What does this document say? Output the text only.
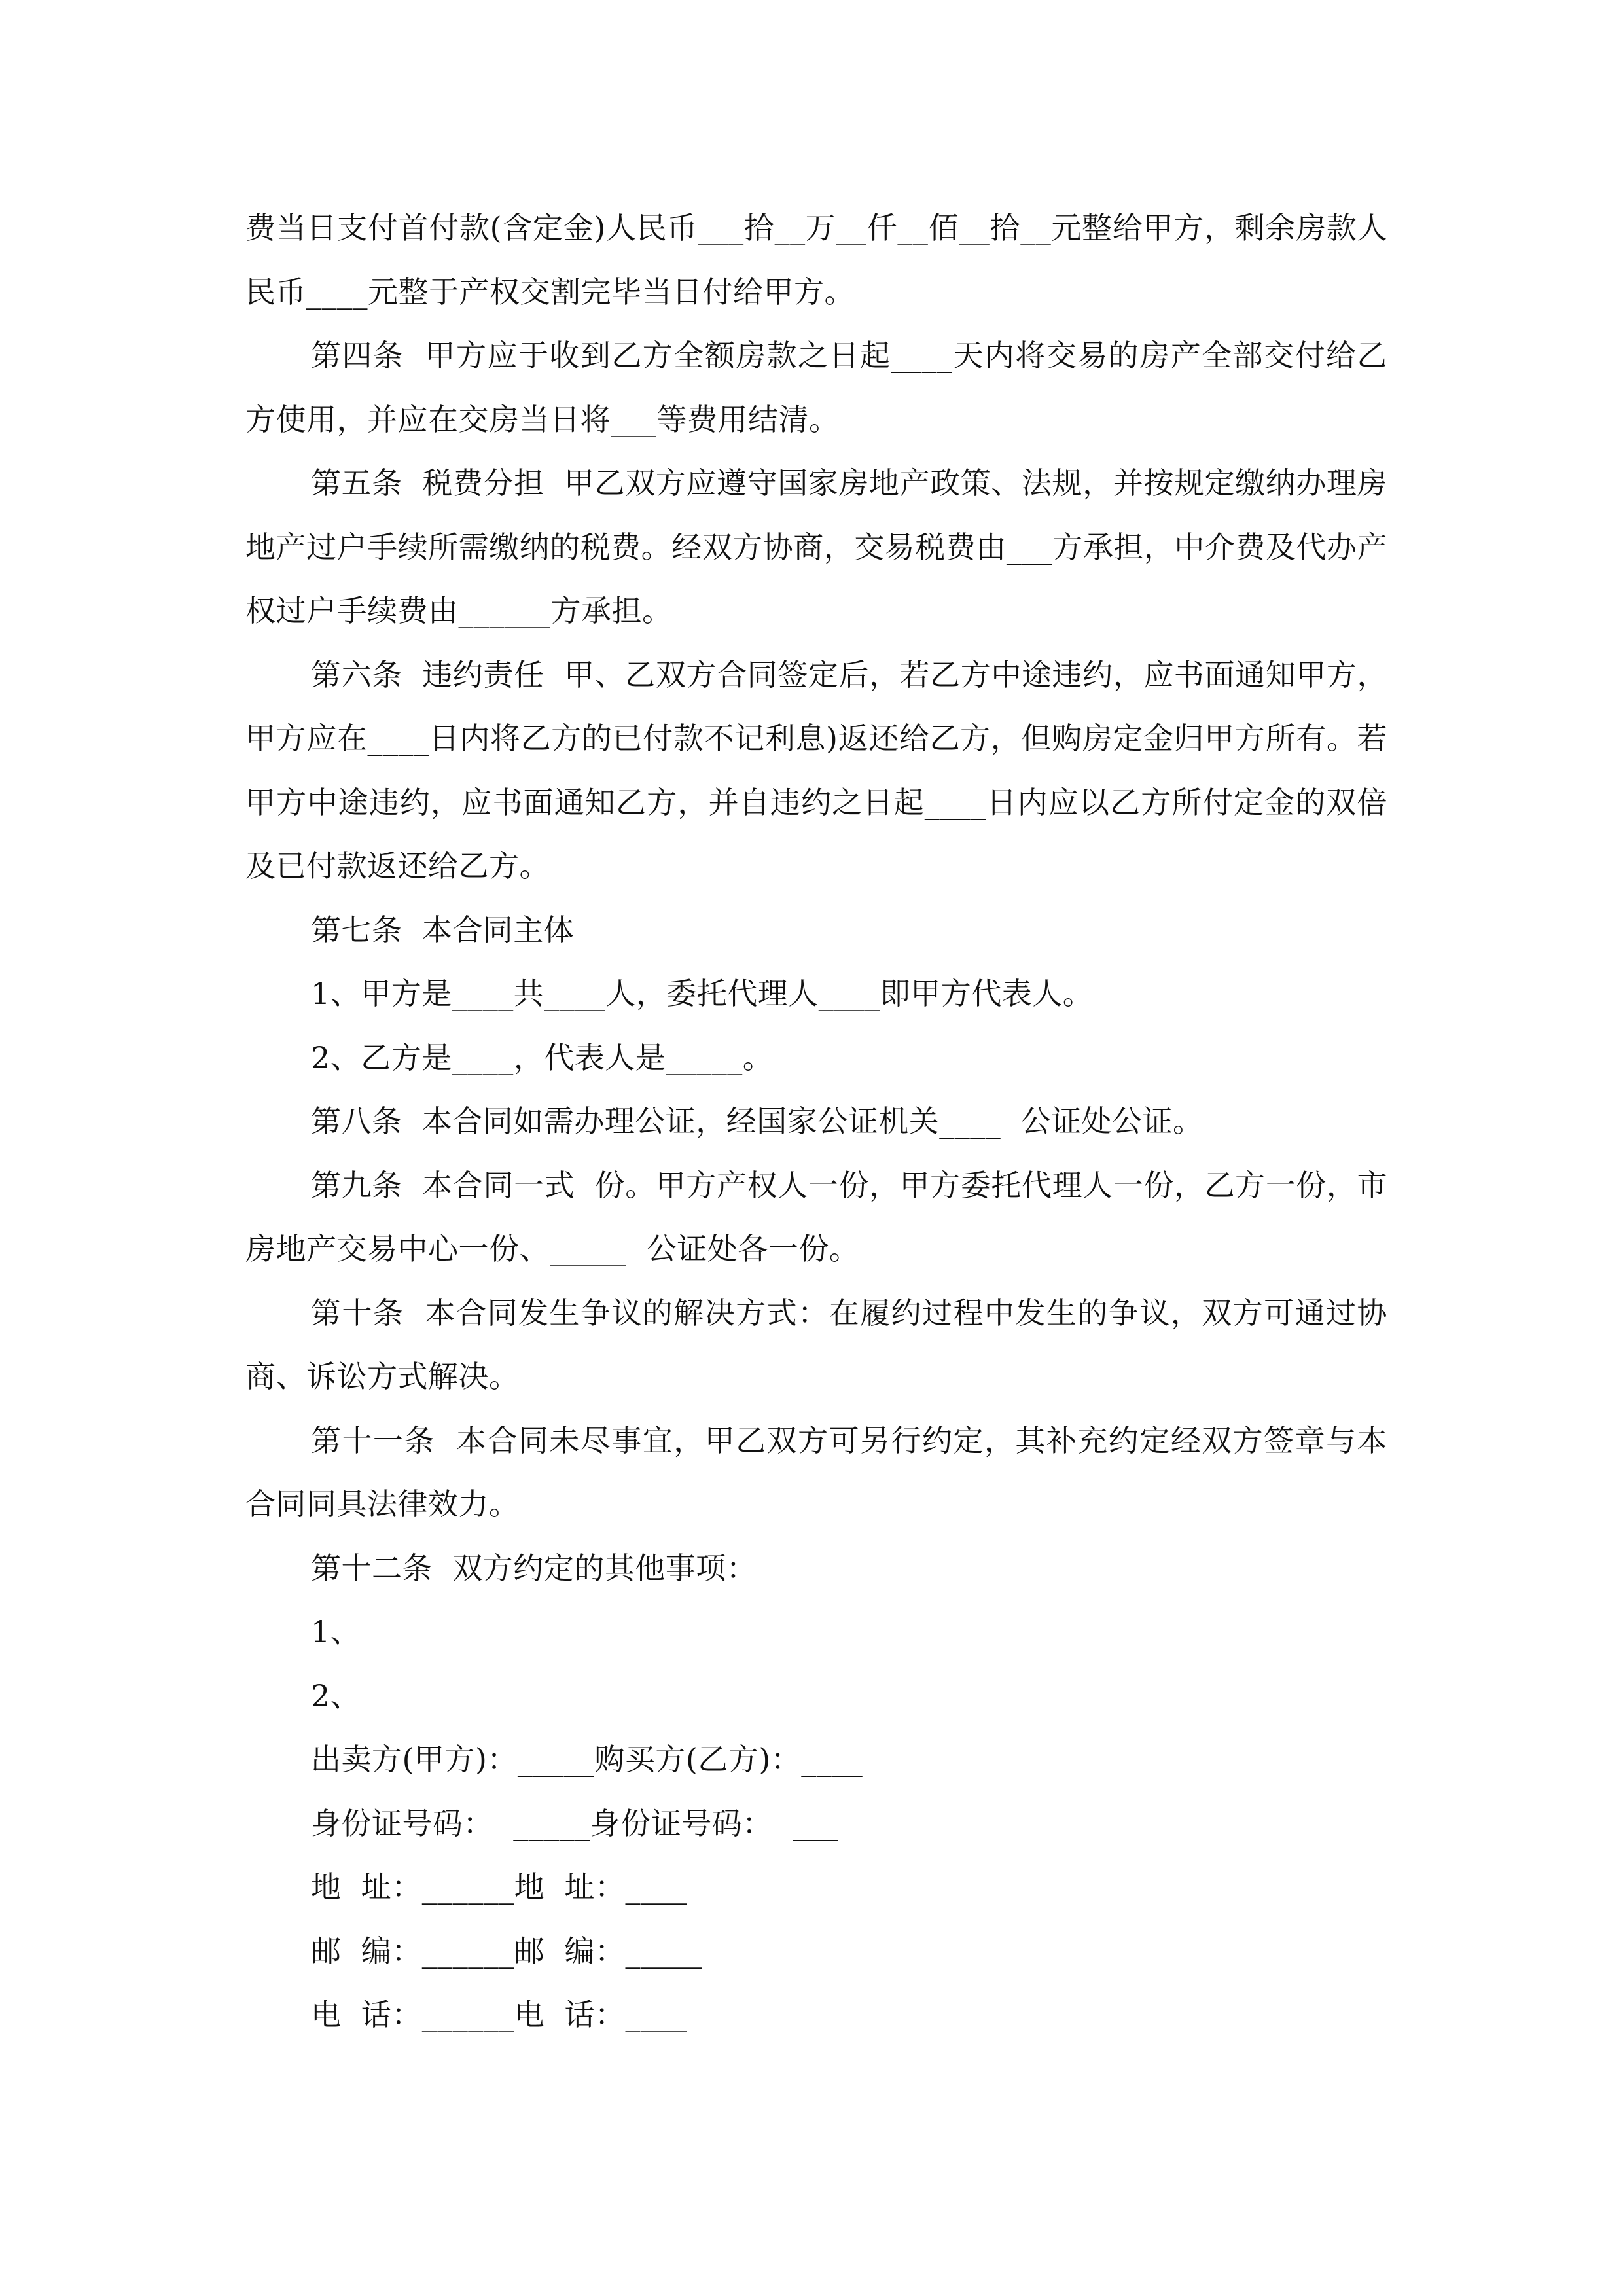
费当日支付首付款(含定金)人民币___拾__万__仟__佰__拾__元整给甲方，剩余房款人民币____元整于产权交割完毕当日付给甲方。

第四条  甲方应于收到乙方全额房款之日起____天内将交易的房产全部交付给乙方使用，并应在交房当日将___等费用结清。

第五条  税费分担  甲乙双方应遵守国家房地产政策、法规，并按规定缴纳办理房地产过户手续所需缴纳的税费。经双方协商，交易税费由___方承担，中介费及代办产权过户手续费由______方承担。

第六条  违约责任  甲、乙双方合同签定后，若乙方中途违约，应书面通知甲方，甲方应在____日内将乙方的已付款不记利息)返还给乙方，但购房定金归甲方所有。若甲方中途违约，应书面通知乙方，并自违约之日起____日内应以乙方所付定金的双倍及已付款返还给乙方。

第七条  本合同主体

1、甲方是____共____人，委托代理人____即甲方代表人。

2、乙方是____，代表人是_____。

第八条  本合同如需办理公证，经国家公证机关____  公证处公证。

第九条  本合同一式  份。甲方产权人一份，甲方委托代理人一份，乙方一份，市房地产交易中心一份、_____  公证处各一份。

第十条  本合同发生争议的解决方式：在履约过程中发生的争议，双方可通过协商、诉讼方式解决。

第十一条  本合同未尽事宜，甲乙双方可另行约定，其补充约定经双方签章与本合同同具法律效力。

第十二条  双方约定的其他事项：

1、

2、

出卖方(甲方)：_____购买方(乙方)：____

身份证号码：  _____身份证号码：  ___

地  址：______地  址：____

邮  编：______邮  编：_____

电  话：______电  话：____
